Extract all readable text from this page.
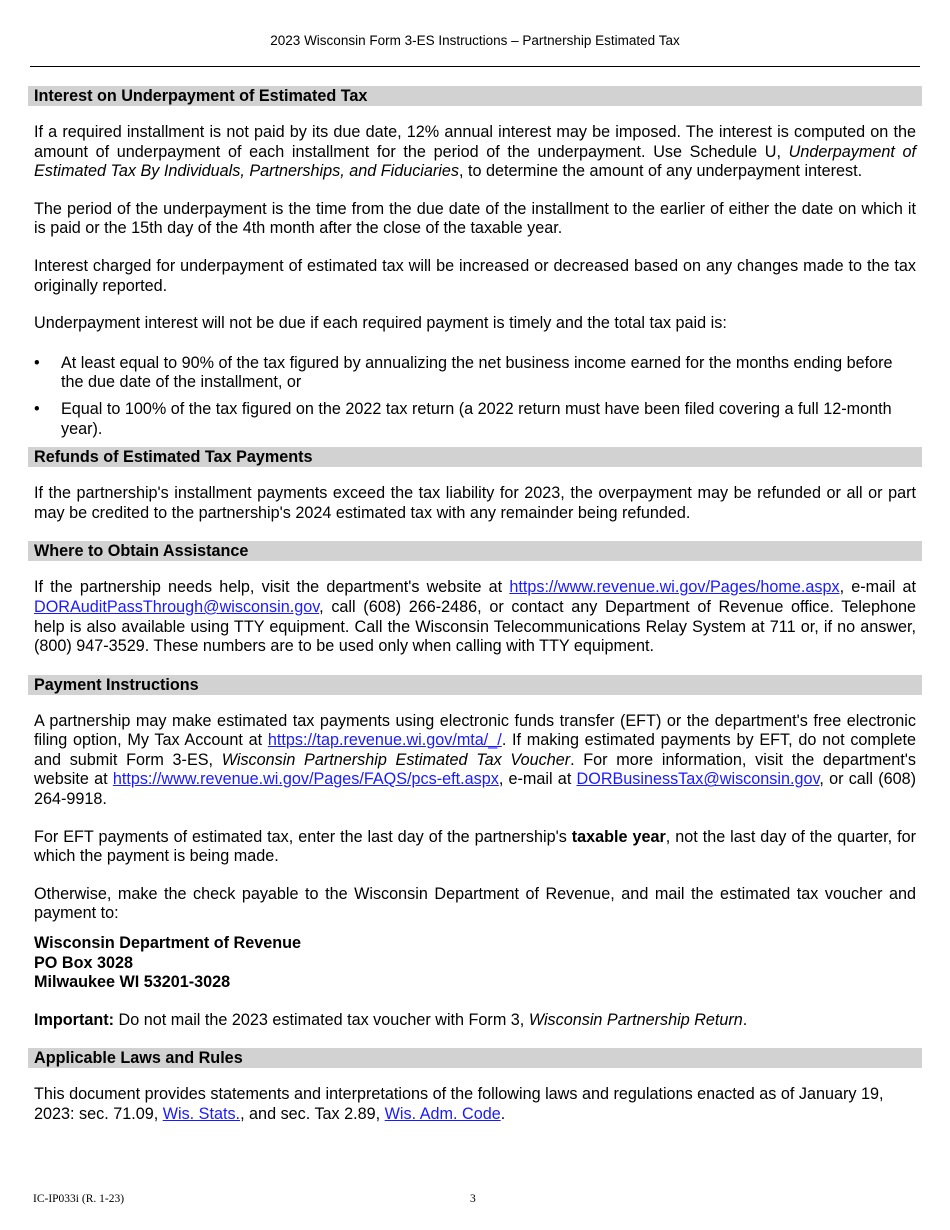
2023 Wisconsin Form 3-ES Instructions – Partnership Estimated Tax
Interest on Underpayment of Estimated Tax

If a required installment is not paid by its due date, 12% annual interest may be imposed. The interest is computed on the amount of underpayment of each installment for the period of the underpayment. Use Schedule U, Underpayment of Estimated Tax By Individuals, Partnerships, and Fiduciaries, to determine the amount of any underpayment interest.

The period of the underpayment is the time from the due date of the installment to the earlier of either the date on which it is paid or the 15th day of the 4th month after the close of the taxable year.

Interest charged for underpayment of estimated tax will be increased or decreased based on any changes made to the tax originally reported.

Underpayment interest will not be due if each required payment is timely and the total tax paid is:

• At least equal to 90% of the tax figured by annualizing the net business income earned for the months ending before the due date of the installment, or
• Equal to 100% of the tax figured on the 2022 tax return (a 2022 return must have been filed covering a full 12-month year).
Refunds of Estimated Tax Payments

If the partnership's installment payments exceed the tax liability for 2023, the overpayment may be refunded or all or part may be credited to the partnership's 2024 estimated tax with any remainder being refunded.

Where to Obtain Assistance

If the partnership needs help, visit the department's website at https://www.revenue.wi.gov/Pages/home.aspx, e-mail at DORAuditPassThrough@wisconsin.gov, call (608) 266-2486, or contact any Department of Revenue office. Telephone help is also available using TTY equipment. Call the Wisconsin Telecommunications Relay System at 711 or, if no answer, (800) 947-3529. These numbers are to be used only when calling with TTY equipment.

Payment Instructions

A partnership may make estimated tax payments using electronic funds transfer (EFT) or the department's free electronic filing option, My Tax Account at https://tap.revenue.wi.gov/mta/_/. If making estimated payments by EFT, do not complete and submit Form 3-ES, Wisconsin Partnership Estimated Tax Voucher. For more information, visit the department's website at https://www.revenue.wi.gov/Pages/FAQS/pcs-eft.aspx, e-mail at DORBusinessTax@wisconsin.gov, or call (608) 264-9918.

For EFT payments of estimated tax, enter the last day of the partnership's taxable year, not the last day of the quarter, for which the payment is being made.

Otherwise, make the check payable to the Wisconsin Department of Revenue, and mail the estimated tax voucher and payment to:

Wisconsin Department of Revenue
PO Box 3028
Milwaukee WI 53201-3028

Important: Do not mail the 2023 estimated tax voucher with Form 3, Wisconsin Partnership Return.

Applicable Laws and Rules

This document provides statements and interpretations of the following laws and regulations enacted as of January 19, 2023: sec. 71.09, Wis. Stats., and sec. Tax 2.89, Wis. Adm. Code.

IC-IP033i (R. 1-23)	3
